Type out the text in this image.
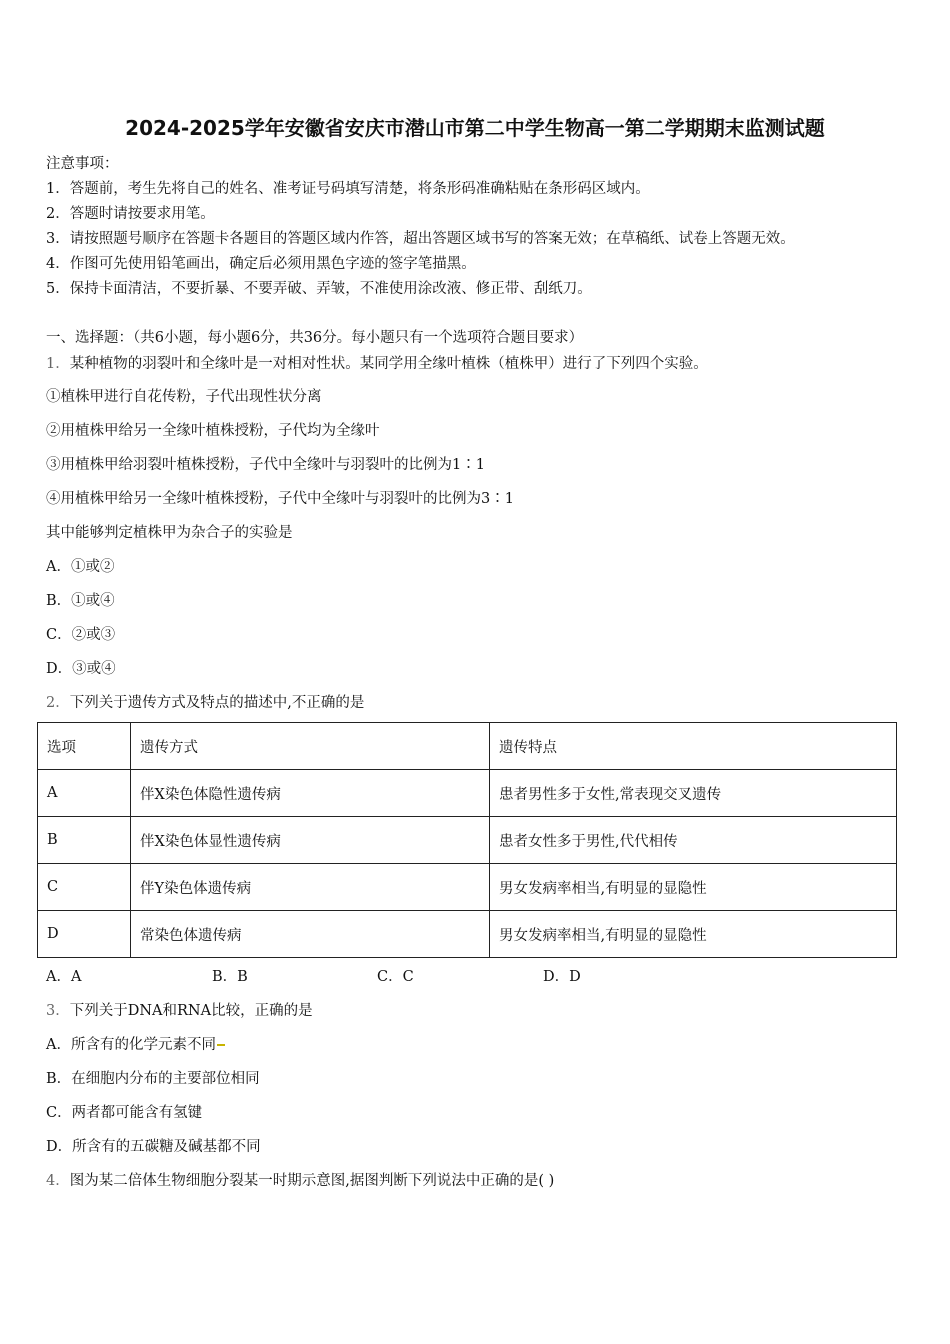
2024-2025学年安徽省安庆市潜山市第二中学生物高一第二学期期末监测试题
注意事项：
1．答题前，考生先将自己的姓名、准考证号码填写清楚，将条形码准确粘贴在条形码区域内。
2．答题时请按要求用笔。
3．请按照题号顺序在答题卡各题目的答题区域内作答，超出答题区域书写的答案无效；在草稿纸、试卷上答题无效。
4．作图可先使用铅笔画出，确定后必须用黑色字迹的签字笔描黑。
5．保持卡面清洁，不要折暴、不要弄破、弄皱，不准使用涂改液、修正带、刮纸刀。
一、选择题：（共6小题，每小题6分，共36分。每小题只有一个选项符合题目要求）
1．某种植物的羽裂叶和全缘叶是一对相对性状。某同学用全缘叶植株（植株甲）进行了下列四个实验。
①植株甲进行自花传粉，子代出现性状分离
②用植株甲给另一全缘叶植株授粉，子代均为全缘叶
③用植株甲给羽裂叶植株授粉，子代中全缘叶与羽裂叶的比例为1∶1
④用植株甲给另一全缘叶植株授粉，子代中全缘叶与羽裂叶的比例为3∶1
其中能够判定植株甲为杂合子的实验是
A．①或②
B．①或④
C．②或③
D．③或④
2．下列关于遗传方式及特点的描述中,不正确的是
选项	遗传方式	遗传特点
A	伴X染色体隐性遗传病	患者男性多于女性,常表现交叉遗传
B	伴X染色体显性遗传病	患者女性多于男性,代代相传
C	伴Y染色体遗传病	男女发病率相当,有明显的显隐性
D	常染色体遗传病	男女发病率相当,有明显的显隐性
A．A	B．B	C．C	D．D
3．下列关于DNA和RNA比较，正确的是
A．所含有的化学元素不同
B．在细胞内分布的主要部位相同
C．两者都可能含有氢键
D．所含有的五碳糖及碱基都不同
4．图为某二倍体生物细胞分裂某一时期示意图,据图判断下列说法中正确的是( )
